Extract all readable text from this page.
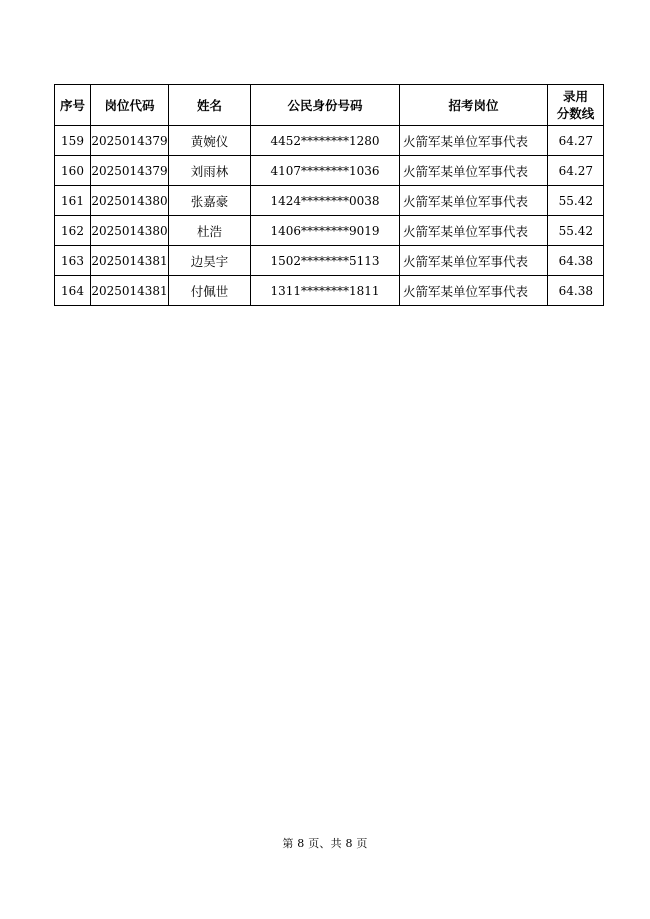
序号	岗位代码	姓名	公民身份号码	招考岗位	录用
分数线

159	2025014379	黄婉仪	4452********1280	火箭军某单位军事代表	64.27
160	2025014379	刘雨林	4107********1036	火箭军某单位军事代表	64.27
161	2025014380	张嘉豪	1424********0038	火箭军某单位军事代表	55.42
162	2025014380	杜浩	1406********9019	火箭军某单位军事代表	55.42
163	2025014381	边昊宇	1502********5113	火箭军某单位军事代表	64.38
164	2025014381	付佩世	1311********1811	火箭军某单位军事代表	64.38
第 8 页、共 8 页
